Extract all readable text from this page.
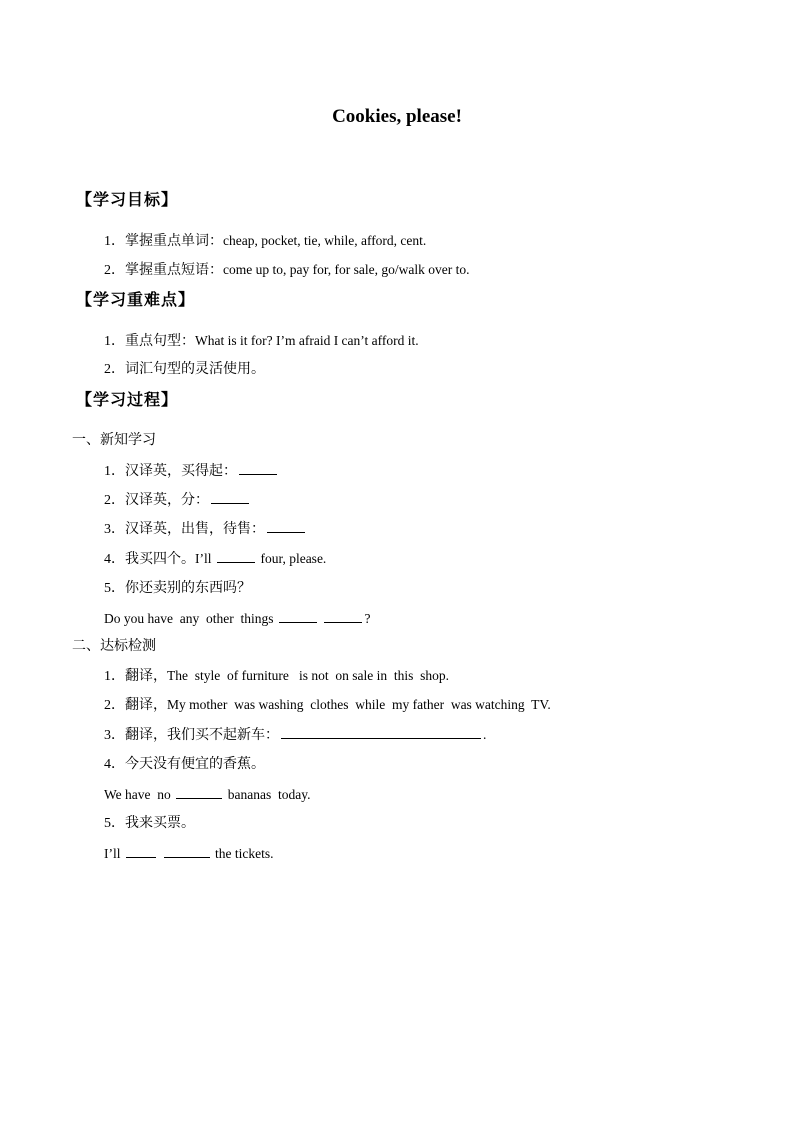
Cookies, please!
【学习目标】
1．掌握重点单词：cheap, pocket, tie, while, afford, cent.
2．掌握重点短语：come up to, pay for, for sale, go/walk over to.
【学习重难点】
1．重点句型：What is it for? I’m afraid I can’t afford it.
2．词汇句型的灵活使用。
【学习过程】
一、新知学习
1．汉译英，买得起：
2．汉译英，分：
3．汉译英，出售，待售：
4．我买四个。I’ll	four, please.
5．你还卖别的东西吗？
Do you have  any  other  things	?
二、达标检测
1．翻译，The  style  of furniture   is not  on sale in  this  shop.
2．翻译，My mother  was washing  clothes  while  my father  was watching  TV.
3．翻译，我们买不起新车：	.
4．今天没有便宜的香蕉。
We have  no	bananas  today.
5．我来买票。
I’ll	the tickets.
